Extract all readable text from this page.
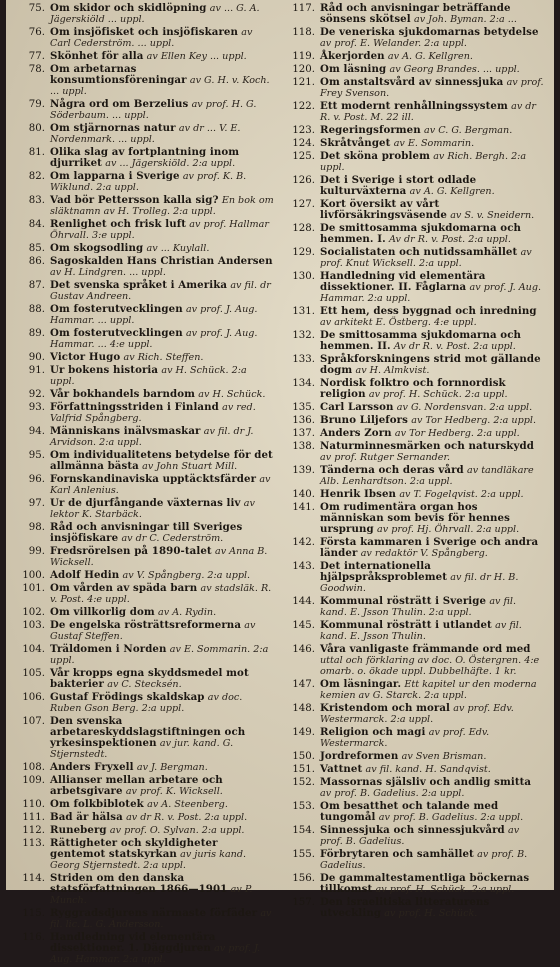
75. Om skidor och skidlöpning av ... G. A. Jägerskiöld ... uppl.
76. Om insjöfisket och insjöfiskaren av Carl Cederström. ... uppl.
77. Skönhet för alla av Ellen Key ... uppl.
78. Om arbetarnas konsumtionsföreningar av G. H. v. Koch. ... uppl.
79. Några ord om Berzelius av prof. H. G. Söderbaum. ... uppl.
80. Om stjärnornas natur av dr ... V. E. Nordenmark. ... uppl.
81. Olika slag av fortplantning inom djurriket av ... Jägerskiöld. 2:a uppl.
82. Om lapparna i Sverige av prof. K. B. Wiklund. 2:a uppl.
83. Vad bör Pettersson kalla sig? En bok om släktnamn av H. Trolleg. 2:a uppl.
84. Renlighet och frisk luft av prof. Hallmar Öhrvall. 3:e uppl.
85. Om skogsodling av ... Kuylall.
86. Sagoskalden Hans Christian Andersen av H. Lindgren. ... uppl.
87. Det svenska språket i Amerika av fil. dr Gustav Andreen.
88. Om fosterutvecklingen av prof. J. Aug. Hammar. ... uppl.
89. Om fosterutvecklingen av prof. J. Aug. Hammar. ... 4:e uppl.
90. Victor Hugo av Rich. Steffen.
91. Ur bokens historia av H. Schück. 2:a uppl.
92. Vår bokhandels barndom av H. Schück.
93. Författningsstriden i Finland av red. Valfrid Spångberg.
94. Människans inälvsmaskar av fil. dr J. Arvidson. 2:a uppl.
95. Om individualitetens betydelse för det allmänna bästa av John Stuart Mill.
96. Fornskandinaviska upptäcktsfärder av Karl Anlenius.
97. Ur de djurfångande växternas liv av lektor K. Starbäck.
98. Råd och anvisningar till Sveriges insjöfiskare av dr C. Cederström.
99. Fredsrörelsen på 1890-talet av Anna B. Wicksell.
100. Adolf Hedin av V. Spångberg. 2:a uppl.
101. Om vården av späda barn av stadsläk. R. v. Post. 4:e uppl.
102. Om villkorlig dom av A. Rydin.
103. De engelska rösträttsreformerna av Gustaf Steffen.
104. Träldomen i Norden av E. Sommarin. 2:a uppl.
105. Vår kropps egna skyddsmedel mot bakterier av C. Stecksén.
106. Gustaf Frödings skaldskap av doc. Ruben Gson Berg. 2:a uppl.
107. Den svenska arbetareskyddslagstiftningen och yrkesinspektionen av jur. kand. G. Stjernstedt.
108. Anders Fryxell av J. Bergman.
109. Allianser mellan arbetare och arbetsgivare av prof. K. Wicksell.
110. Om folkbiblotek av A. Steenberg.
111. Bad är hälsa av dr R. v. Post. 2:a uppl.
112. Runeberg av prof. O. Sylvan. 2:a uppl.
113. Rättigheter och skyldigheter gentemot statskyrkan av juris kand. Georg Stjernstedt. 2:a uppl.
114. Striden om den danska statsförfattningen 1866—1901 av P. Munch.
115. Ryggradsdjurens närmaste förfäder av fil. lic. L. G. Andersson.
116. Handledning vid elementära dissektioner. 1. Däggdjuren av prof. J. Aug. Hammar. 2:a uppl.
117. Råd och anvisningar beträffande sönsens skötsel av Joh. Byman. 2:a ...
118. De veneriska sjukdomarnas betydelse av prof. E. Welander. 2:a uppl.
119. Åkerjorden av A. G. Kellgren.
120. Om läsning av Georg Brandes. ... uppl.
121. Om anstaltsvård av sinnessjuka av prof. Frey Svenson.
122. Ett modernt renhållningssystem av dr R. v. Post. M. 22 ill.
123. Regeringsformen av C. G. Bergman.
124. Skråtvånget av E. Sommarin.
125. Det sköna problem av Rich. Bergh. 2:a uppl.
126. Det i Sverige i stort odlade kulturväxterna av A. G. Kellgren.
127. Kort översikt av vårt livförsäkringsväsende av S. v. Sneidern.
128. De smittosamma sjukdomarna och hemmen. I. Av dr R. v. Post. 2:a uppl.
129. Socialistaten och nutidssamhället av prof. Knut Wicksell. 2:a uppl.
130. Handledning vid elementära dissektioner. II. Fåglarna av prof. J. Aug. Hammar. 2:a uppl.
131. Ett hem, dess byggnad och inredning av arkitekt E. Östberg. 4:e uppl.
132. De smittosamma sjukdomarna och hemmen. II. Av dr R. v. Post. 2:a uppl.
133. Språkforskningens strid mot gällande dogm av H. Almkvist.
134. Nordisk folktro och fornnordisk religion av prof. H. Schück. 2:a uppl.
135. Carl Larsson av G. Nordensvan. 2:a uppl.
136. Bruno Liljefors av Tor Hedberg. 2:a uppl.
137. Anders Zorn av Tor Hedberg. 2:a uppl.
138. Naturminnesmärken och naturskydd av prof. Rutger Sernander.
139. Tänderna och deras vård av tandläkare Alb. Lenhardtson. 2:a uppl.
140. Henrik Ibsen av T. Fogelqvist. 2:a uppl.
141. Om rudimentära organ hos människan som bevis för hennes ursprung av prof. Hj. Öhrvall. 2:a uppl.
142. Första kammaren i Sverige och andra länder av redaktör V. Spångberg.
143. Det internationella hjälpspråksproblemet av fil. dr H. B. Goodwin.
144. Kommunal rösträtt i Sverige av fil. kand. E. Jsson Thulin. 2:a uppl.
145. Kommunal rösträtt i utlandet av fil. kand. E. Jsson Thulin.
146. Våra vanligaste främmande ord med uttal och förklaring av doc. O. Östergren. 4:e omarb. o. ökade uppl. Dubbelhäfte. 1 kr.
147. Om läsningar. Ett kapitel ur den moderna kemien av G. Starck. 2:a uppl.
148. Kristendom och moral av prof. Edv. Westermarck. 2:a uppl.
149. Religion och magi av prof. Edv. Westermarck.
150. Jordreformen av Sven Brisman.
151. Vattnet av fil. kand. H. Sandqvist.
152. Massornas själsliv och andlig smitta av prof. B. Gadelius. 2:a uppl.
153. Om besatthet och talande med tungomål av prof. B. Gadelius. 2:a uppl.
154. Sinnessjuka och sinnessjukvård av prof. B. Gadelius.
155. Förbrytaren och samhället av prof. B. Gadelius.
156. De gammaltestamentliga böckernas tillkomst av prof. H. Schück. 2:a uppl.
157. Den israelitiska litteraturens utveckling av prof. H. Schück.
